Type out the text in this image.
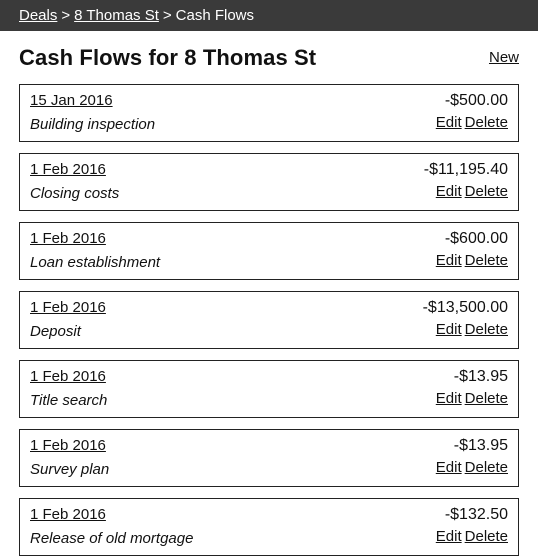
Deals > 8 Thomas St > Cash Flows
Cash Flows for 8 Thomas St	New
15 Jan 2016
Building inspection
-$500.00
Edit Delete
1 Feb 2016
Closing costs
-$11,195.40
Edit Delete
1 Feb 2016
Loan establishment
-$600.00
Edit Delete
1 Feb 2016
Deposit
-$13,500.00
Edit Delete
1 Feb 2016
Title search
-$13.95
Edit Delete
1 Feb 2016
Survey plan
-$13.95
Edit Delete
1 Feb 2016
Release of old mortgage
-$132.50
Edit Delete
